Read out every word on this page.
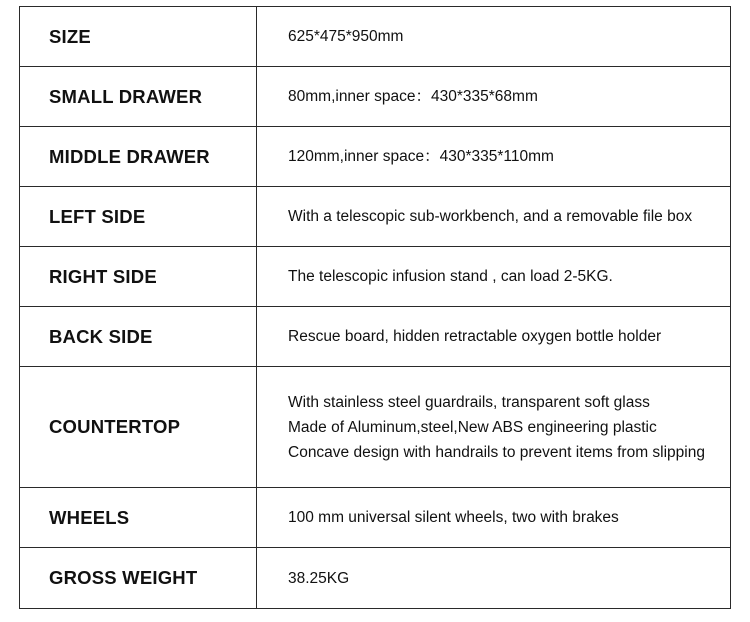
SIZE	625*475*950mm

SMALL DRAWER	80mm,inner space：430*335*68mm

MIDDLE DRAWER	120mm,inner space：430*335*110mm

LEFT SIDE	With a telescopic sub-workbench, and a removable file box

RIGHT SIDE	The telescopic infusion stand , can load 2-5KG.

BACK SIDE	Rescue board, hidden retractable oxygen bottle holder

COUNTERTOP	With stainless steel guardrails, transparent soft glass
Made of Aluminum,steel,New ABS engineering plastic
Concave design with handrails to prevent items from slipping

WHEELS	100 mm universal silent wheels, two with brakes

GROSS WEIGHT	38.25KG
